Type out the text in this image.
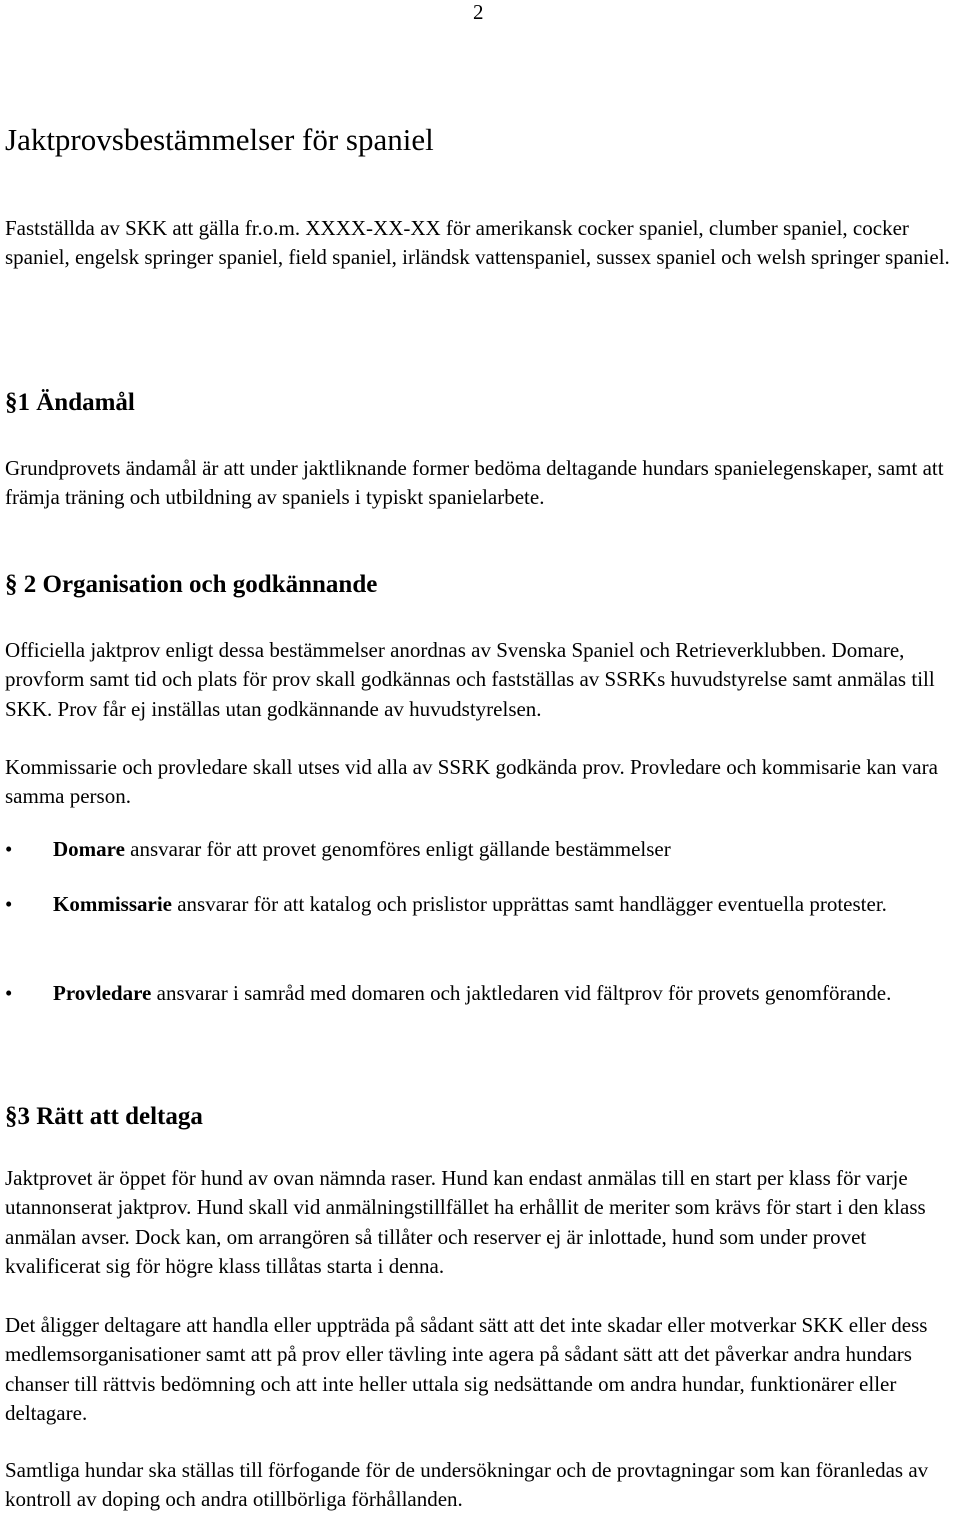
2
Jaktprovsbestämmelser för spaniel

Fastställda av SKK att gälla fr.o.m. XXXX-XX-XX för amerikansk cocker spaniel, clumber spaniel, cocker spaniel, engelsk springer spaniel, field spaniel, irländsk vattenspaniel, sussex spaniel och welsh springer spaniel.

§1 Ändamål

Grundprovets ändamål är att under jaktliknande former bedöma deltagande hundars spanielegenskaper, samt att främja träning och utbildning av spaniels i typiskt spanielarbete.

§ 2 Organisation och godkännande

Officiella jaktprov enligt dessa bestämmelser anordnas av Svenska Spaniel och Retrieverklubben. Domare, provform samt tid och plats för prov skall godkännas och fastställas av SSRKs huvudstyrelse samt anmälas till SKK. Prov får ej inställas utan godkännande av huvudstyrelsen.

Kommissarie och provledare skall utses vid alla av SSRK godkända prov. Provledare och kommisarie kan vara samma person.

•	Domare ansvarar för att provet genomföres enligt gällande bestämmelser
•	Kommissarie ansvarar för att katalog och prislistor upprättas samt handlägger eventuella protester.
•	Provledare ansvarar i samråd med domaren och jaktledaren vid fältprov för provets genomförande.
§3 Rätt att deltaga

Jaktprovet är öppet för hund av ovan nämnda raser. Hund kan endast anmälas till en start per klass för varje utannonserat jaktprov. Hund skall vid anmälningstillfället ha erhållit de meriter som krävs för start i den klass anmälan avser. Dock kan, om arrangören så tillåter och reserver ej är inlottade, hund som under provet kvalificerat sig för högre klass tillåtas starta i denna.

Det åligger deltagare att handla eller uppträda på sådant sätt att det inte skadar eller motverkar SKK eller dess medlemsorganisationer samt att på prov eller tävling inte agera på sådant sätt att det påverkar andra hundars chanser till rättvis bedömning och att inte heller uttala sig nedsättande om andra hundar, funktionärer eller deltagare.

Samtliga hundar ska ställas till förfogande för de undersökningar och de provtagningar som kan föranledas av kontroll av doping och andra otillbörliga förhållanden.
